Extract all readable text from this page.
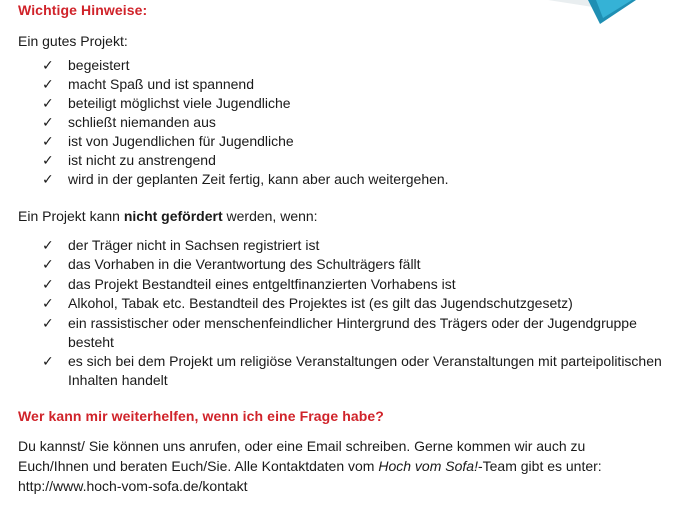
Wichtige Hinweise:

Ein gutes Projekt:

✓ begeistert
✓ macht Spaß und ist spannend
✓ beteiligt möglichst viele Jugendliche
✓ schließt niemanden aus
✓ ist von Jugendlichen für Jugendliche
✓ ist nicht zu anstrengend
✓ wird in der geplanten Zeit fertig, kann aber auch weitergehen.

Ein Projekt kann nicht gefördert werden, wenn:

✓ der Träger nicht in Sachsen registriert ist
✓ das Vorhaben in die Verantwortung des Schulträgers fällt
✓ das Projekt Bestandteil eines entgeltfinanzierten Vorhabens ist
✓ Alkohol, Tabak etc. Bestandteil des Projektes ist (es gilt das Jugendschutzgesetz)
✓ ein rassistischer oder menschenfeindlicher Hintergrund des Trägers oder der Jugendgruppe besteht
✓ es sich bei dem Projekt um religiöse Veranstaltungen oder Veranstaltungen mit parteipolitischen Inhalten handelt
Wer kann mir weiterhelfen, wenn ich eine Frage habe?

Du kannst/ Sie können uns anrufen, oder eine Email schreiben. Gerne kommen wir auch zu Euch/Ihnen und beraten Euch/Sie. Alle Kontaktdaten vom Hoch vom Sofa!-Team gibt es unter:
http://www.hoch-vom-sofa.de/kontakt
